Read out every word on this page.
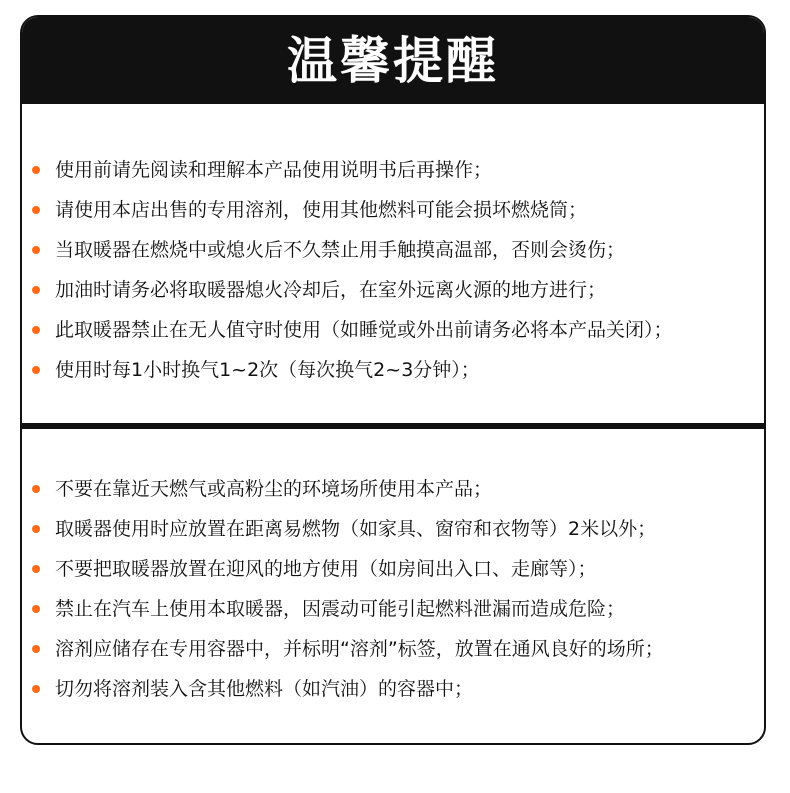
温馨提醒
使用前请先阅读和理解本产品使用说明书后再操作；
请使用本店出售的专用溶剂，使用其他燃料可能会损坏燃烧筒；
当取暖器在燃烧中或熄火后不久禁止用手触摸高温部，否则会烫伤；
加油时请务必将取暖器熄火冷却后，在室外远离火源的地方进行；
此取暖器禁止在无人值守时使用（如睡觉或外出前请务必将本产品关闭）；
使用时每1小时换气1~2次（每次换气2~3分钟）；
不要在靠近天燃气或高粉尘的环境场所使用本产品；
取暖器使用时应放置在距离易燃物（如家具、窗帘和衣物等）2米以外；
不要把取暖器放置在迎风的地方使用（如房间出入口、走廊等）；
禁止在汽车上使用本取暖器，因震动可能引起燃料泄漏而造成危险；
溶剂应储存在专用容器中，并标明“溶剂”标签，放置在通风良好的场所；
切勿将溶剂装入含其他燃料（如汽油）的容器中；
